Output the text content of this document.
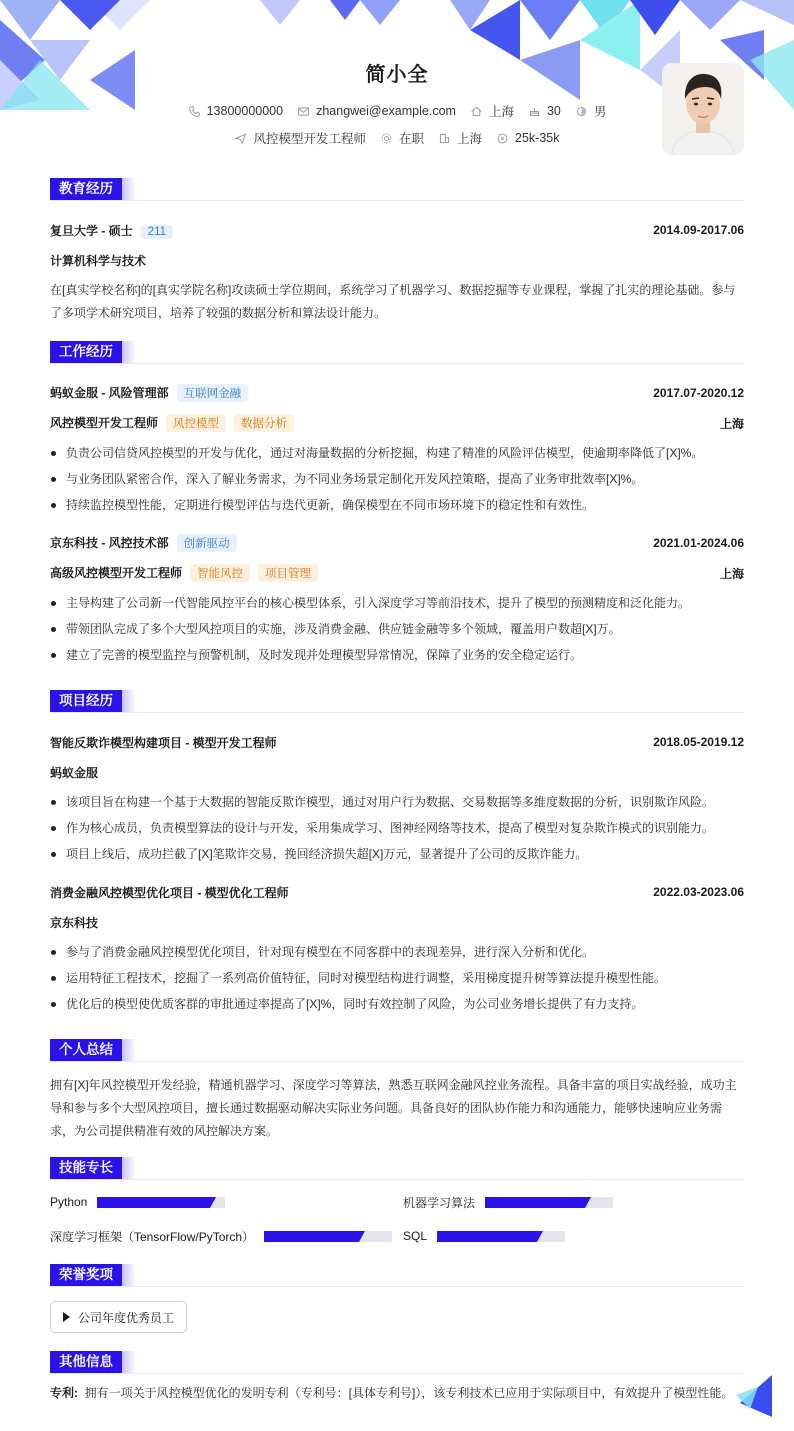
简小全
13800000000	zhangwei@example.com	上海	30	男
风控模型开发工程师	在职	上海	25k-35k
教育经历
复旦大学 - 硕士 211	2014.09-2017.06
计算机科学与技术

在[真实学校名称]的[真实学院名称]攻读硕士学位期间，系统学习了机器学习、数据挖掘等专业课程，掌握了扎实的理论基础。参与了多项学术研究项目，培养了较强的数据分析和算法设计能力。

工作经历
蚂蚁金服 - 风险管理部 互联网金融	2017.07-2020.12
风控模型开发工程师 风控模型 数据分析	上海
负责公司信贷风控模型的开发与优化，通过对海量数据的分析挖掘，构建了精准的风险评估模型，使逾期率降低了[X]%。
与业务团队紧密合作，深入了解业务需求，为不同业务场景定制化开发风控策略，提高了业务审批效率[X]%。
持续监控模型性能，定期进行模型评估与迭代更新，确保模型在不同市场环境下的稳定性和有效性。
京东科技 - 风控技术部 创新驱动	2021.01-2024.06
高级风控模型开发工程师 智能风控 项目管理	上海
主导构建了公司新一代智能风控平台的核心模型体系，引入深度学习等前沿技术，提升了模型的预测精度和泛化能力。
带领团队完成了多个大型风控项目的实施，涉及消费金融、供应链金融等多个领域，覆盖用户数超[X]万。
建立了完善的模型监控与预警机制，及时发现并处理模型异常情况，保障了业务的安全稳定运行。
项目经历
智能反欺诈模型构建项目 - 模型开发工程师	2018.05-2019.12
蚂蚁金服
该项目旨在构建一个基于大数据的智能反欺诈模型，通过对用户行为数据、交易数据等多维度数据的分析，识别欺诈风险。
作为核心成员，负责模型算法的设计与开发，采用集成学习、图神经网络等技术，提高了模型对复杂欺诈模式的识别能力。
项目上线后，成功拦截了[X]笔欺诈交易，挽回经济损失超[X]万元，显著提升了公司的反欺诈能力。
消费金融风控模型优化项目 - 模型优化工程师	2022.03-2023.06
京东科技
参与了消费金融风控模型优化项目，针对现有模型在不同客群中的表现差异，进行深入分析和优化。
运用特征工程技术，挖掘了一系列高价值特征，同时对模型结构进行调整，采用梯度提升树等算法提升模型性能。
优化后的模型使优质客群的审批通过率提高了[X]%，同时有效控制了风险，为公司业务增长提供了有力支持。
个人总结

拥有[X]年风控模型开发经验，精通机器学习、深度学习等算法，熟悉互联网金融风控业务流程。具备丰富的项目实战经验，成功主导和参与多个大型风控项目，擅长通过数据驱动解决实际业务问题。具备良好的团队协作能力和沟通能力，能够快速响应业务需求，为公司提供精准有效的风控解决方案。

技能专长
Python	机器学习算法
深度学习框架（TensorFlow/PyTorch）	SQL
荣誉奖项
公司年度优秀员工
其他信息

专利: 拥有一项关于风控模型优化的发明专利（专利号：[具体专利号]），该专利技术已应用于实际项目中，有效提升了模型性能。
